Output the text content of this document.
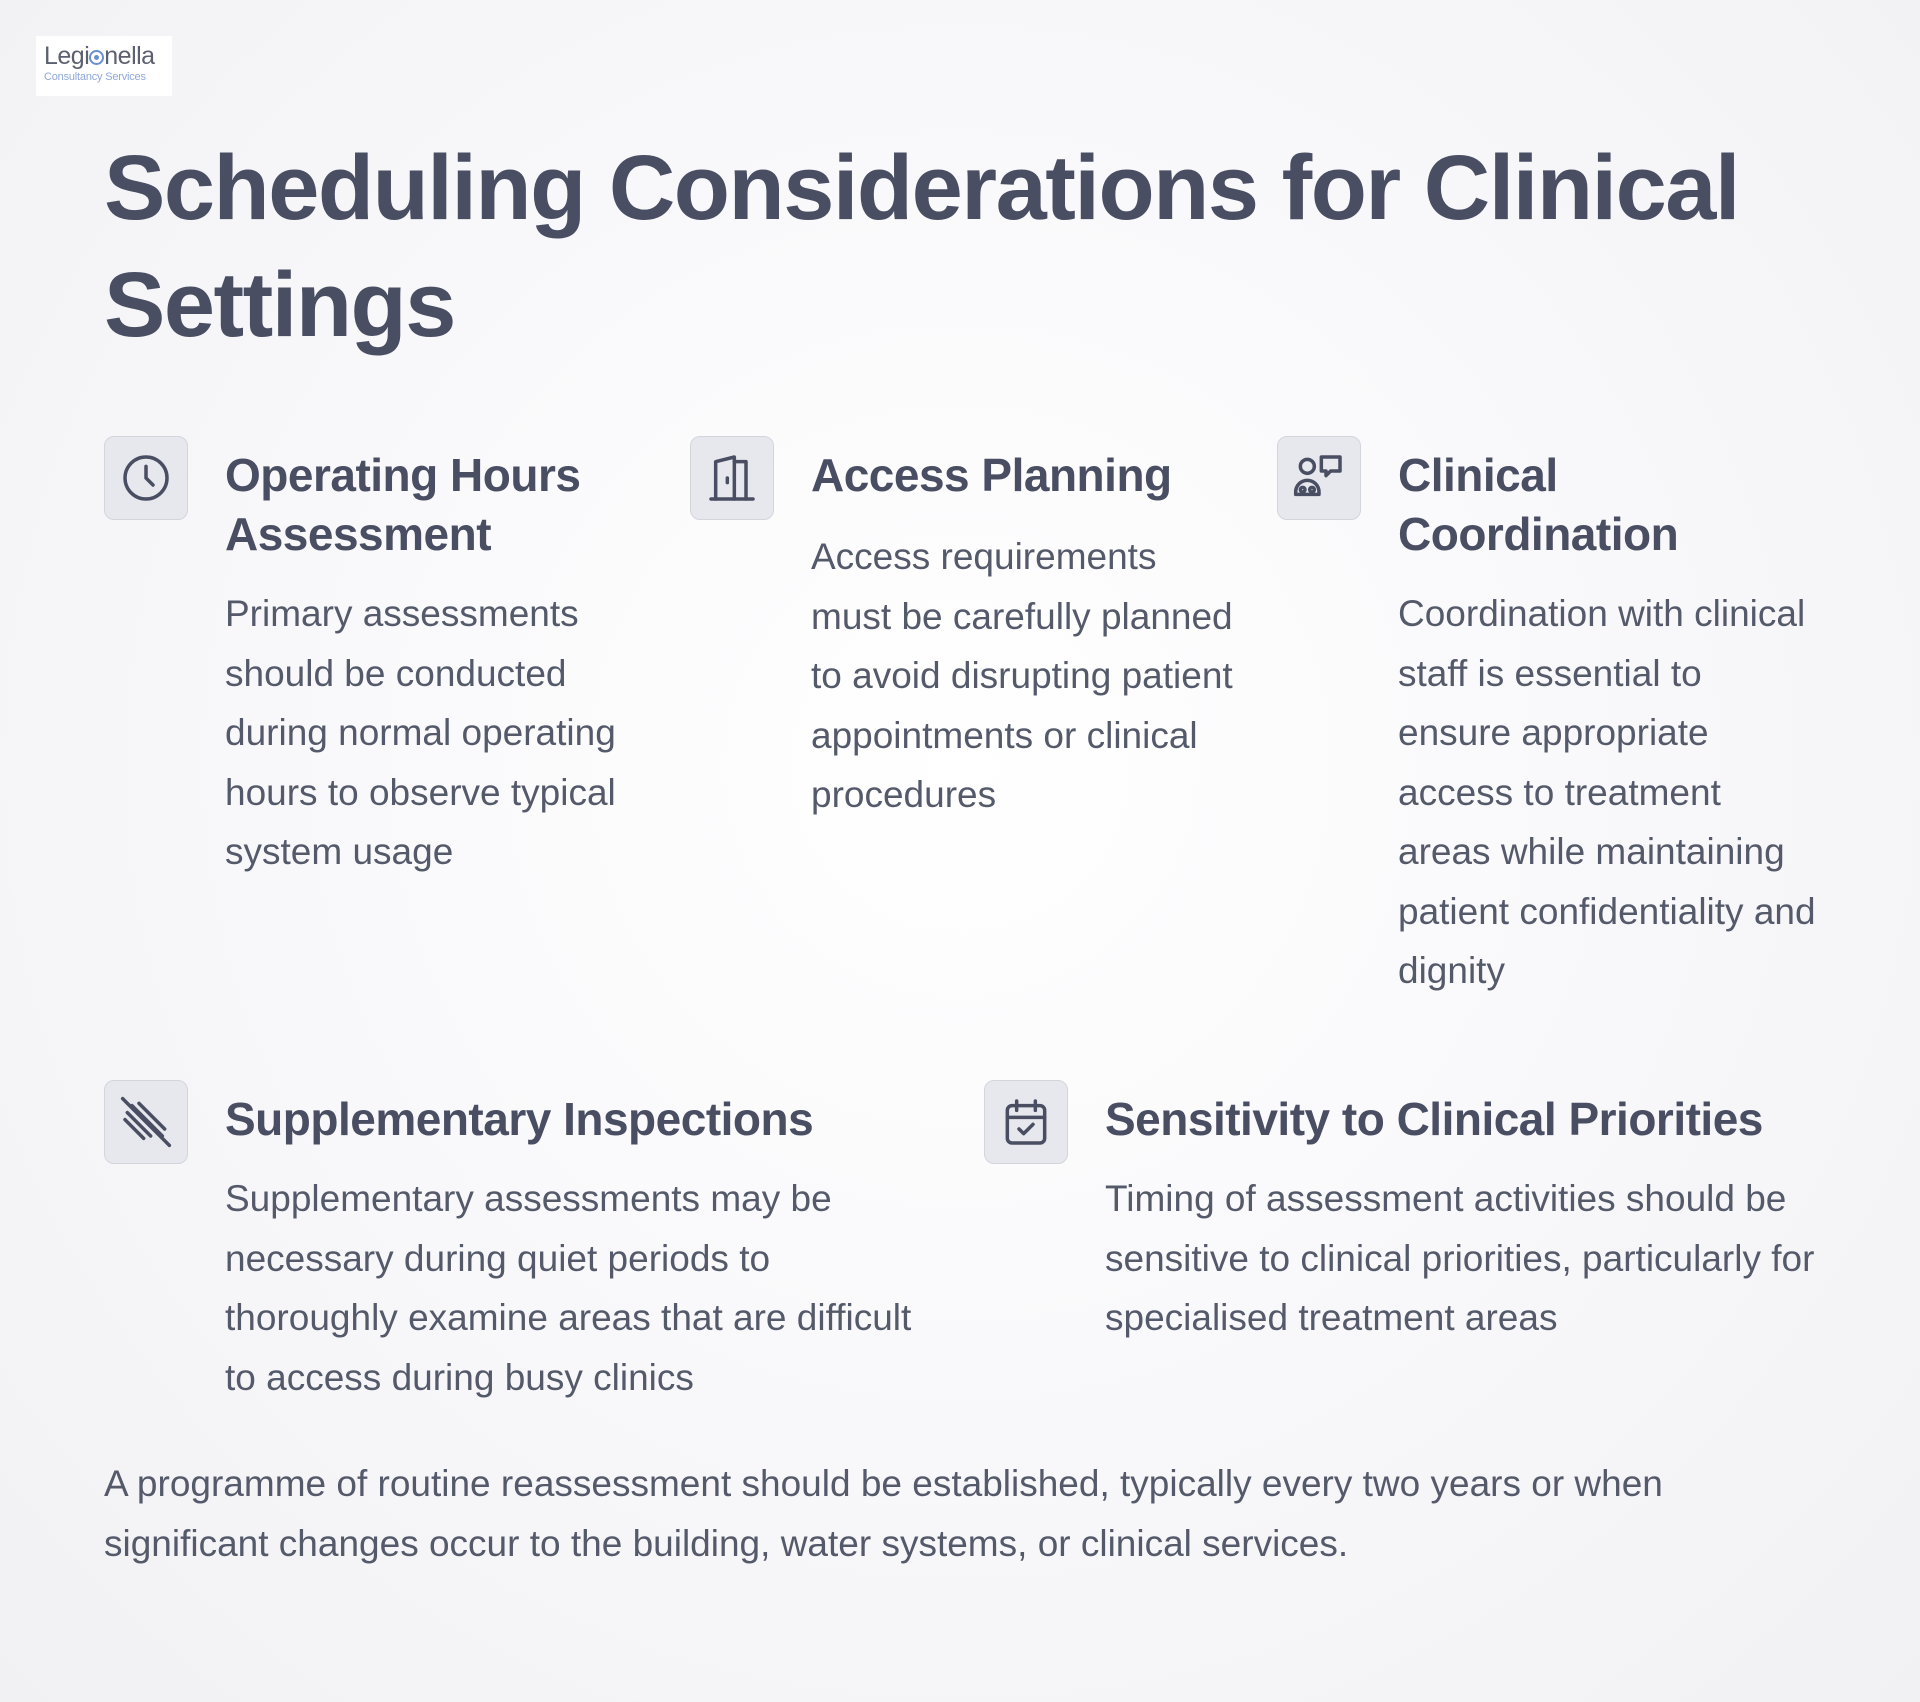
Legi nella
Consultancy Services
Scheduling Considerations for Clinical Settings
Operating Hours Assessment
Primary assessments should be conducted during normal operating hours to observe typical system usage
Access Planning
Access requirements must be carefully planned to avoid disrupting patient appointments or clinical procedures
Clinical Coordination
Coordination with clinical staff is essential to ensure appropriate access to treatment areas while maintaining patient confidentiality and dignity
Supplementary Inspections
Supplementary assessments may be necessary during quiet periods to thoroughly examine areas that are difficult to access during busy clinics
Sensitivity to Clinical Priorities
Timing of assessment activities should be sensitive to clinical priorities, particularly for specialised treatment areas

A programme of routine reassessment should be established, typically every two years or when significant changes occur to the building, water systems, or clinical services.
